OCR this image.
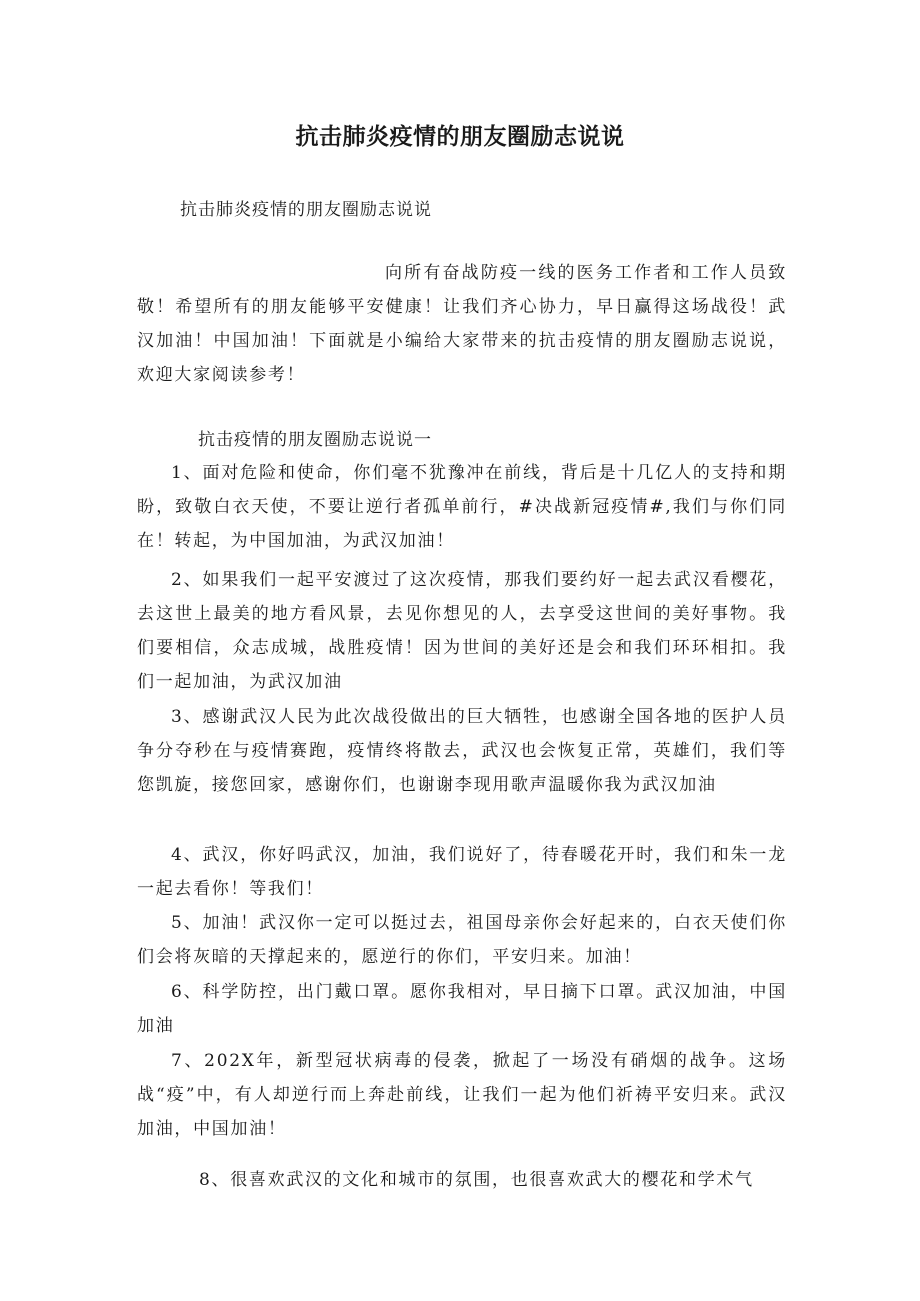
抗击肺炎疫情的朋友圈励志说说
抗击肺炎疫情的朋友圈励志说说

向所有奋战防疫一线的医务工作者和工作人员致敬！希望所有的朋友能够平安健康！让我们齐心协力，早日赢得这场战役！武汉加油！中国加油！下面就是小编给大家带来的抗击疫情的朋友圈励志说说，欢迎大家阅读参考！

抗击疫情的朋友圈励志说说一

1、面对危险和使命，你们毫不犹豫冲在前线，背后是十几亿人的支持和期盼，致敬白衣天使，不要让逆行者孤单前行，#决战新冠疫情#,我们与你们同在！转起，为中国加油，为武汉加油！

2、如果我们一起平安渡过了这次疫情，那我们要约好一起去武汉看樱花，去这世上最美的地方看风景，去见你想见的人，去享受这世间的美好事物。我们要相信，众志成城，战胜疫情！因为世间的美好还是会和我们环环相扣。我们一起加油，为武汉加油

3、感谢武汉人民为此次战役做出的巨大牺牲，也感谢全国各地的医护人员争分夺秒在与疫情赛跑，疫情终将散去，武汉也会恢复正常，英雄们，我们等您凯旋，接您回家，感谢你们，也谢谢李现用歌声温暖你我为武汉加油

4、武汉，你好吗武汉，加油，我们说好了，待春暖花开时，我们和朱一龙一起去看你！等我们！

5、加油！武汉你一定可以挺过去，祖国母亲你会好起来的，白衣天使们你们会将灰暗的天撑起来的，愿逆行的你们，平安归来。加油！

6、科学防控，出门戴口罩。愿你我相对，早日摘下口罩。武汉加油，中国加油

7、202X年，新型冠状病毒的侵袭，掀起了一场没有硝烟的战争。这场战“疫”中，有人却逆行而上奔赴前线，让我们一起为他们祈祷平安归来。武汉加油，中国加油！

8、很喜欢武汉的文化和城市的氛围，也很喜欢武大的樱花和学术气
